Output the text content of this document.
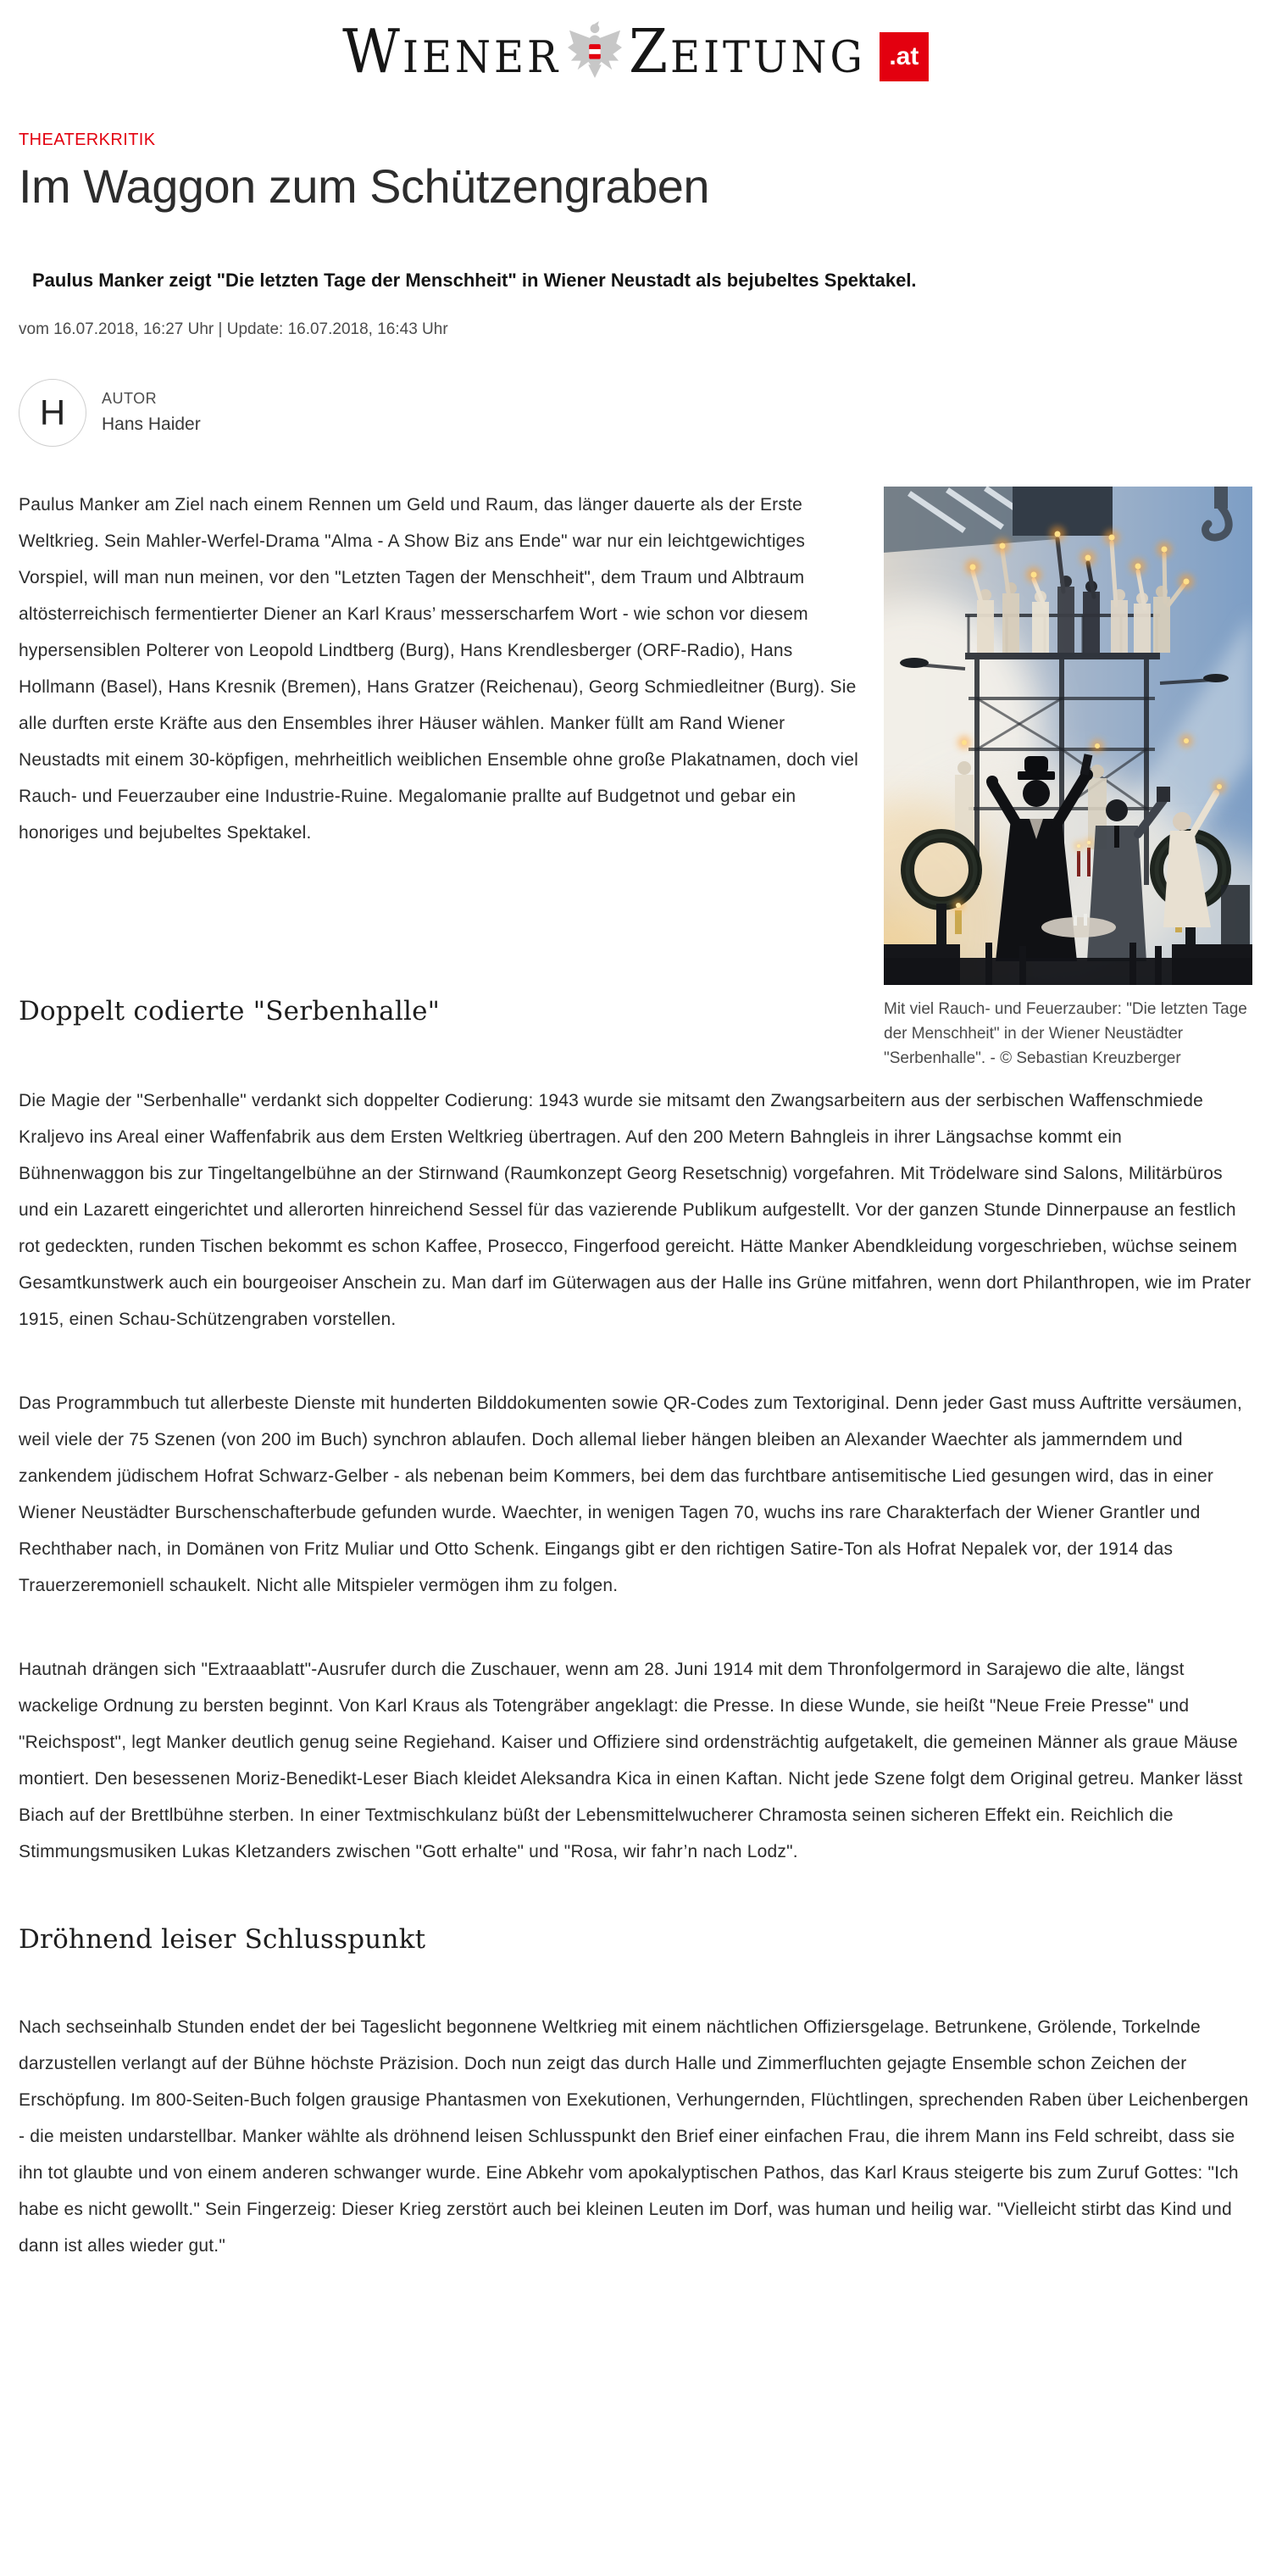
W IENER Z EITUNG .at
THEATERKRITIK
Im Waggon zum Schützengraben

Paulus Manker zeigt "Die letzten Tage der Menschheit" in Wiener Neustadt als bejubeltes Spektakel.

vom 16.07.2018, 16:27 Uhr | Update: 16.07.2018, 16:43 Uhr
H	AUTOR
Hans Haider
Mit viel Rauch- und Feuerzauber: "Die letzten Tage der Menschheit" in der Wiener Neustädter "Serbenhalle". - © Sebastian Kreuzberger

Paulus Manker am Ziel nach einem Rennen um Geld und Raum, das länger dauerte als der Erste Weltkrieg. Sein Mahler-Werfel-Drama "Alma - A Show Biz ans Ende" war nur ein leichtgewichtiges Vorspiel, will man nun meinen, vor den "Letzten Tagen der Menschheit", dem Traum und Albtraum altösterreichisch fermentierter Diener an Karl Kraus’ messerscharfem Wort - wie schon vor diesem hypersensiblen Polterer von Leopold Lindtberg (Burg), Hans Krendlesberger (ORF-Radio), Hans Hollmann (Basel), Hans Kresnik (Bremen), Hans Gratzer (Reichenau), Georg Schmiedleitner (Burg). Sie alle durften erste Kräfte aus den Ensembles ihrer Häuser wählen. Manker füllt am Rand Wiener Neustadts mit einem 30-köpfigen, mehrheitlich weiblichen Ensemble ohne große Plakatnamen, doch viel Rauch- und Feuerzauber eine Industrie-Ruine. Megalomanie prallte auf Budgetnot und gebar ein honoriges und bejubeltes Spektakel.

Doppelt codierte "Serbenhalle"

Die Magie der "Serbenhalle" verdankt sich doppelter Codierung: 1943 wurde sie mitsamt den Zwangsarbeitern aus der serbischen Waffenschmiede Kraljevo ins Areal einer Waffenfabrik aus dem Ersten Weltkrieg übertragen. Auf den 200 Metern Bahngleis in ihrer Längsachse kommt ein Bühnenwaggon bis zur Tingeltangelbühne an der Stirnwand (Raumkonzept Georg Resetschnig) vorgefahren. Mit Trödelware sind Salons, Militärbüros und ein Lazarett eingerichtet und allerorten hinreichend Sessel für das vazierende Publikum aufgestellt. Vor der ganzen Stunde Dinnerpause an festlich rot gedeckten, runden Tischen bekommt es schon Kaffee, Prosecco, Fingerfood gereicht. Hätte Manker Abendkleidung vorgeschrieben, wüchse seinem Gesamtkunstwerk auch ein bourgeoiser Anschein zu. Man darf im Güterwagen aus der Halle ins Grüne mitfahren, wenn dort Philanthropen, wie im Prater 1915, einen Schau-Schützengraben vorstellen.

Das Programmbuch tut allerbeste Dienste mit hunderten Bilddokumenten sowie QR-Codes zum Textoriginal. Denn jeder Gast muss Auftritte versäumen, weil viele der 75 Szenen (von 200 im Buch) synchron ablaufen. Doch allemal lieber hängen bleiben an Alexander Waechter als jammerndem und zankendem jüdischem Hofrat Schwarz-Gelber - als nebenan beim Kommers, bei dem das furchtbare antisemitische Lied gesungen wird, das in einer Wiener Neustädter Burschenschafterbude gefunden wurde. Waechter, in wenigen Tagen 70, wuchs ins rare Charakterfach der Wiener Grantler und Rechthaber nach, in Domänen von Fritz Muliar und Otto Schenk. Eingangs gibt er den richtigen Satire-Ton als Hofrat Nepalek vor, der 1914 das Trauerzeremoniell schaukelt. Nicht alle Mitspieler vermögen ihm zu folgen.

Hautnah drängen sich "Extraaablatt"-Ausrufer durch die Zuschauer, wenn am 28. Juni 1914 mit dem Thronfolgermord in Sarajewo die alte, längst wackelige Ordnung zu bersten beginnt. Von Karl Kraus als Totengräber angeklagt: die Presse. In diese Wunde, sie heißt "Neue Freie Presse" und "Reichspost", legt Manker deutlich genug seine Regiehand. Kaiser und Offiziere sind ordensträchtig aufgetakelt, die gemeinen Männer als graue Mäuse montiert. Den besessenen Moriz-Benedikt-Leser Biach kleidet Aleksandra Kica in einen Kaftan. Nicht jede Szene folgt dem Original getreu. Manker lässt Biach auf der Brettlbühne sterben. In einer Textmischkulanz büßt der Lebensmittelwucherer Chramosta seinen sicheren Effekt ein. Reichlich die Stimmungsmusiken Lukas Kletzanders zwischen "Gott erhalte" und "Rosa, wir fahr’n nach Lodz".

Dröhnend leiser Schlusspunkt

Nach sechseinhalb Stunden endet der bei Tageslicht begonnene Weltkrieg mit einem nächtlichen Offiziersgelage. Betrunkene, Grölende, Torkelnde darzustellen verlangt auf der Bühne höchste Präzision. Doch nun zeigt das durch Halle und Zimmerfluchten gejagte Ensemble schon Zeichen der Erschöpfung. Im 800-Seiten-Buch folgen grausige Phantasmen von Exekutionen, Verhungernden, Flüchtlingen, sprechenden Raben über Leichenbergen - die meisten undarstellbar. Manker wählte als dröhnend leisen Schlusspunkt den Brief einer einfachen Frau, die ihrem Mann ins Feld schreibt, dass sie ihn tot glaubte und von einem anderen schwanger wurde. Eine Abkehr vom apokalyptischen Pathos, das Karl Kraus steigerte bis zum Zuruf Gottes: "Ich habe es nicht gewollt." Sein Fingerzeig: Dieser Krieg zerstört auch bei kleinen Leuten im Dorf, was human und heilig war. "Vielleicht stirbt das Kind und dann ist alles wieder gut."
